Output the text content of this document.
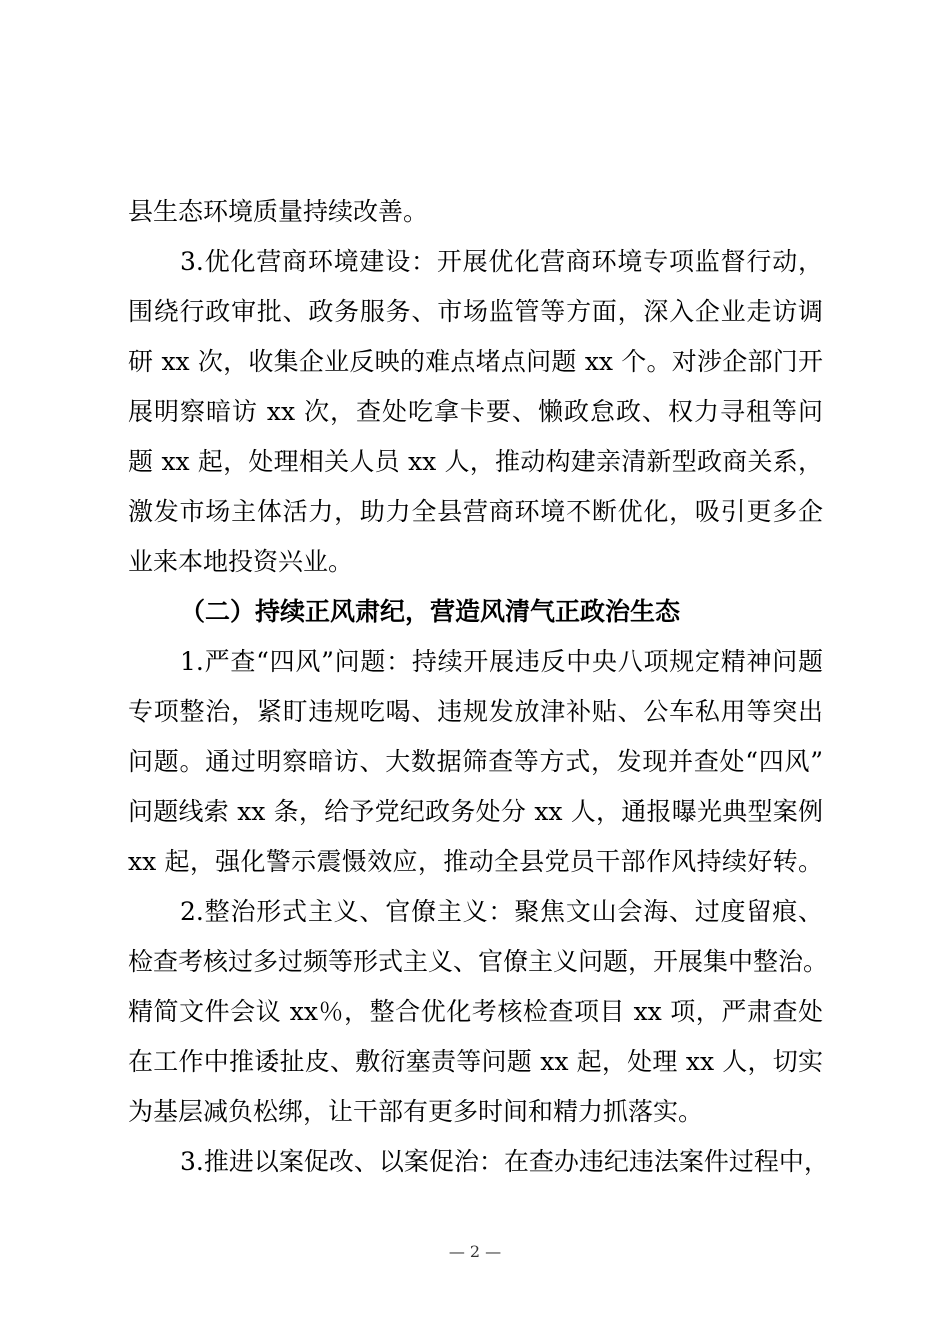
县生态环境质量持续改善。
3.优化营商环境建设：开展优化营商环境专项监督行动，
围绕行政审批、政务服务、市场监管等方面，深入企业走访调
研 xx 次，收集企业反映的难点堵点问题 xx 个。对涉企部门开
展明察暗访 xx 次，查处吃拿卡要、懒政怠政、权力寻租等问
题 xx 起，处理相关人员 xx 人，推动构建亲清新型政商关系，
激发市场主体活力，助力全县营商环境不断优化，吸引更多企
业来本地投资兴业。
（二）持续正风肃纪，营造风清气正政治生态
1.严查“四风”问题：持续开展违反中央八项规定精神问题
专项整治，紧盯违规吃喝、违规发放津补贴、公车私用等突出
问题。通过明察暗访、大数据筛查等方式，发现并查处“四风”
问题线索 xx 条，给予党纪政务处分 xx 人，通报曝光典型案例
xx 起，强化警示震慑效应，推动全县党员干部作风持续好转。
2.整治形式主义、官僚主义：聚焦文山会海、过度留痕、
检查考核过多过频等形式主义、官僚主义问题，开展集中整治。
精简文件会议 xx％，整合优化考核检查项目 xx 项，严肃查处
在工作中推诿扯皮、敷衍塞责等问题 xx 起，处理 xx 人，切实
为基层减负松绑，让干部有更多时间和精力抓落实。
3.推进以案促改、以案促治：在查办违纪违法案件过程中，
— 2 —
